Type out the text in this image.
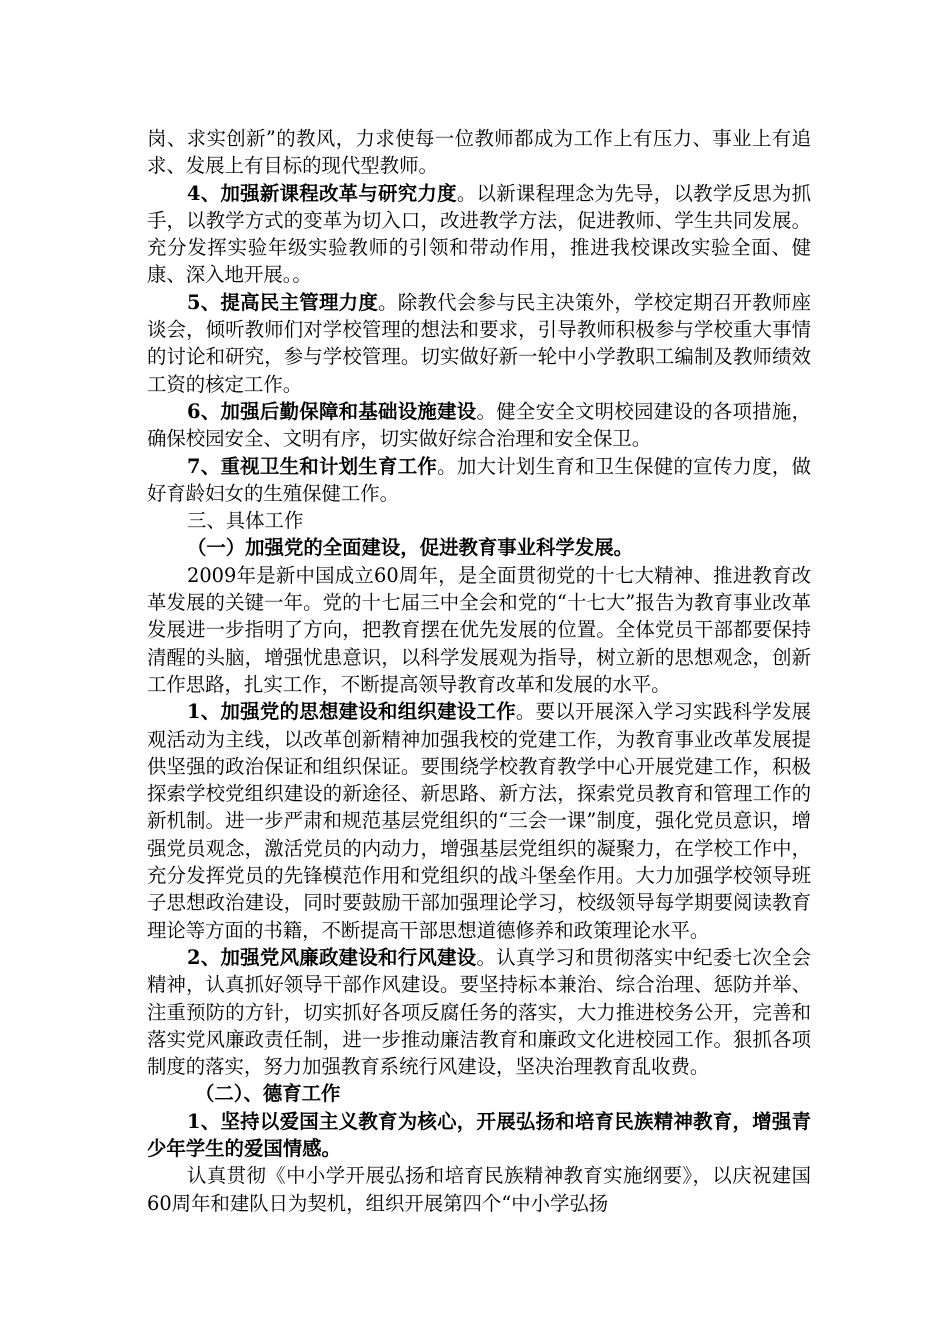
岗、求实创新”的教风，力求使每一位教师都成为工作上有压力、事业上有追求、发展上有目标的现代型教师。

4、加强新课程改革与研究力度。以新课程理念为先导，以教学反思为抓手，以教学方式的变革为切入口，改进教学方法，促进教师、学生共同发展。充分发挥实验年级实验教师的引领和带动作用，推进我校课改实验全面、健康、深入地开展。。

5、提高民主管理力度。除教代会参与民主决策外，学校定期召开教师座谈会，倾听教师们对学校管理的想法和要求，引导教师积极参与学校重大事情的讨论和研究，参与学校管理。切实做好新一轮中小学教职工编制及教师绩效工资的核定工作。

6、加强后勤保障和基础设施建设。健全安全文明校园建设的各项措施，确保校园安全、文明有序，切实做好综合治理和安全保卫。

7、重视卫生和计划生育工作。加大计划生育和卫生保健的宣传力度，做好育龄妇女的生殖保健工作。

三、具体工作

（一）加强党的全面建设，促进教育事业科学发展。

2009年是新中国成立60周年，是全面贯彻党的十七大精神、推进教育改革发展的关键一年。党的十七届三中全会和党的“十七大”报告为教育事业改革发展进一步指明了方向，把教育摆在优先发展的位置。全体党员干部都要保持清醒的头脑，增强忧患意识，以科学发展观为指导，树立新的思想观念，创新工作思路，扎实工作，不断提高领导教育改革和发展的水平。

1、加强党的思想建设和组织建设工作。要以开展深入学习实践科学发展观活动为主线，以改革创新精神加强我校的党建工作，为教育事业改革发展提供坚强的政治保证和组织保证。要围绕学校教育教学中心开展党建工作，积极探索学校党组织建设的新途径、新思路、新方法，探索党员教育和管理工作的新机制。进一步严肃和规范基层党组织的“三会一课”制度，强化党员意识，增强党员观念，激活党员的内动力，增强基层党组织的凝聚力，在学校工作中，充分发挥党员的先锋模范作用和党组织的战斗堡垒作用。大力加强学校领导班子思想政治建设，同时要鼓励干部加强理论学习，校级领导每学期要阅读教育理论等方面的书籍，不断提高干部思想道德修养和政策理论水平。

2、加强党风廉政建设和行风建设。认真学习和贯彻落实中纪委七次全会精神，认真抓好领导干部作风建设。要坚持标本兼治、综合治理、惩防并举、注重预防的方针，切实抓好各项反腐任务的落实，大力推进校务公开，完善和落实党风廉政责任制，进一步推动廉洁教育和廉政文化进校园工作。狠抓各项制度的落实，努力加强教育系统行风建设，坚决治理教育乱收费。

（二）、德育工作

1、坚持以爱国主义教育为核心，开展弘扬和培育民族精神教育，增强青少年学生的爱国情感。

认真贯彻《中小学开展弘扬和培育民族精神教育实施纲要》，以庆祝建国60周年和建队日为契机，组织开展第四个“中小学弘扬
